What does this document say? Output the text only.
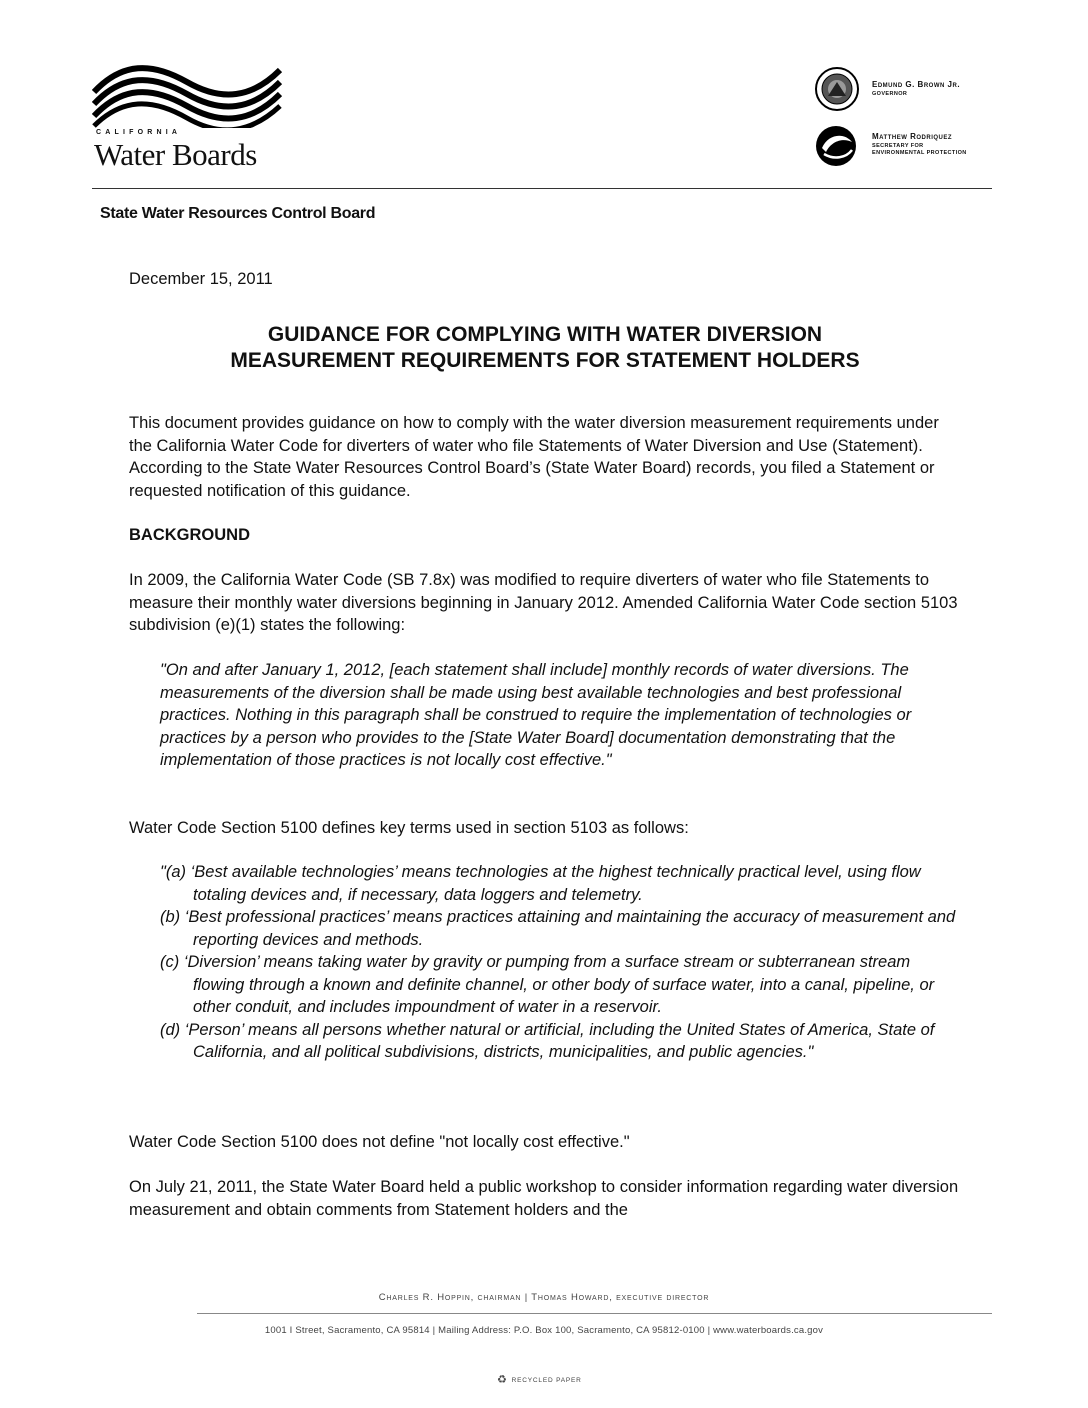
CALIFORNIA
Water Boards
Edmund G. Brown Jr.
GOVERNOR
Matthew Rodriquez
SECRETARY FOR
ENVIRONMENTAL PROTECTION
State Water Resources Control Board
December 15, 2011
GUIDANCE FOR COMPLYING WITH WATER DIVERSION
MEASUREMENT REQUIREMENTS FOR STATEMENT HOLDERS
This document provides guidance on how to comply with the water diversion measurement requirements under the California Water Code for diverters of water who file Statements of Water Diversion and Use (Statement). According to the State Water Resources Control Board’s (State Water Board) records, you filed a Statement or requested notification of this guidance.
BACKGROUND
In 2009, the California Water Code (SB 7.8x) was modified to require diverters of water who file Statements to measure their monthly water diversions beginning in January 2012. Amended California Water Code section 5103 subdivision (e)(1) states the following:
"On and after January 1, 2012, [each statement shall include] monthly records of water diversions. The measurements of the diversion shall be made using best available technologies and best professional practices. Nothing in this paragraph shall be construed to require the implementation of technologies or practices by a person who provides to the [State Water Board] documentation demonstrating that the implementation of those practices is not locally cost effective."
Water Code Section 5100 defines key terms used in section 5103 as follows:
"(a) ‘Best available technologies’ means technologies at the highest technically practical level, using flow totaling devices and, if necessary, data loggers and telemetry.
(b) ‘Best professional practices’ means practices attaining and maintaining the accuracy of measurement and reporting devices and methods.
(c) ‘Diversion’ means taking water by gravity or pumping from a surface stream or subterranean stream flowing through a known and definite channel, or other body of surface water, into a canal, pipeline, or other conduit, and includes impoundment of water in a reservoir.
(d) ‘Person’ means all persons whether natural or artificial, including the United States of America, State of California, and all political subdivisions, districts, municipalities, and public agencies."
Water Code Section 5100 does not define "not locally cost effective."
On July 21, 2011, the State Water Board held a public workshop to consider information regarding water diversion measurement and obtain comments from Statement holders and the
Charles R. Hoppin, chairman | Thomas Howard, executive director
1001 I Street, Sacramento, CA 95814 | Mailing Address: P.O. Box 100, Sacramento, CA 95812-0100 | www.waterboards.ca.gov
♻ RECYCLED PAPER
